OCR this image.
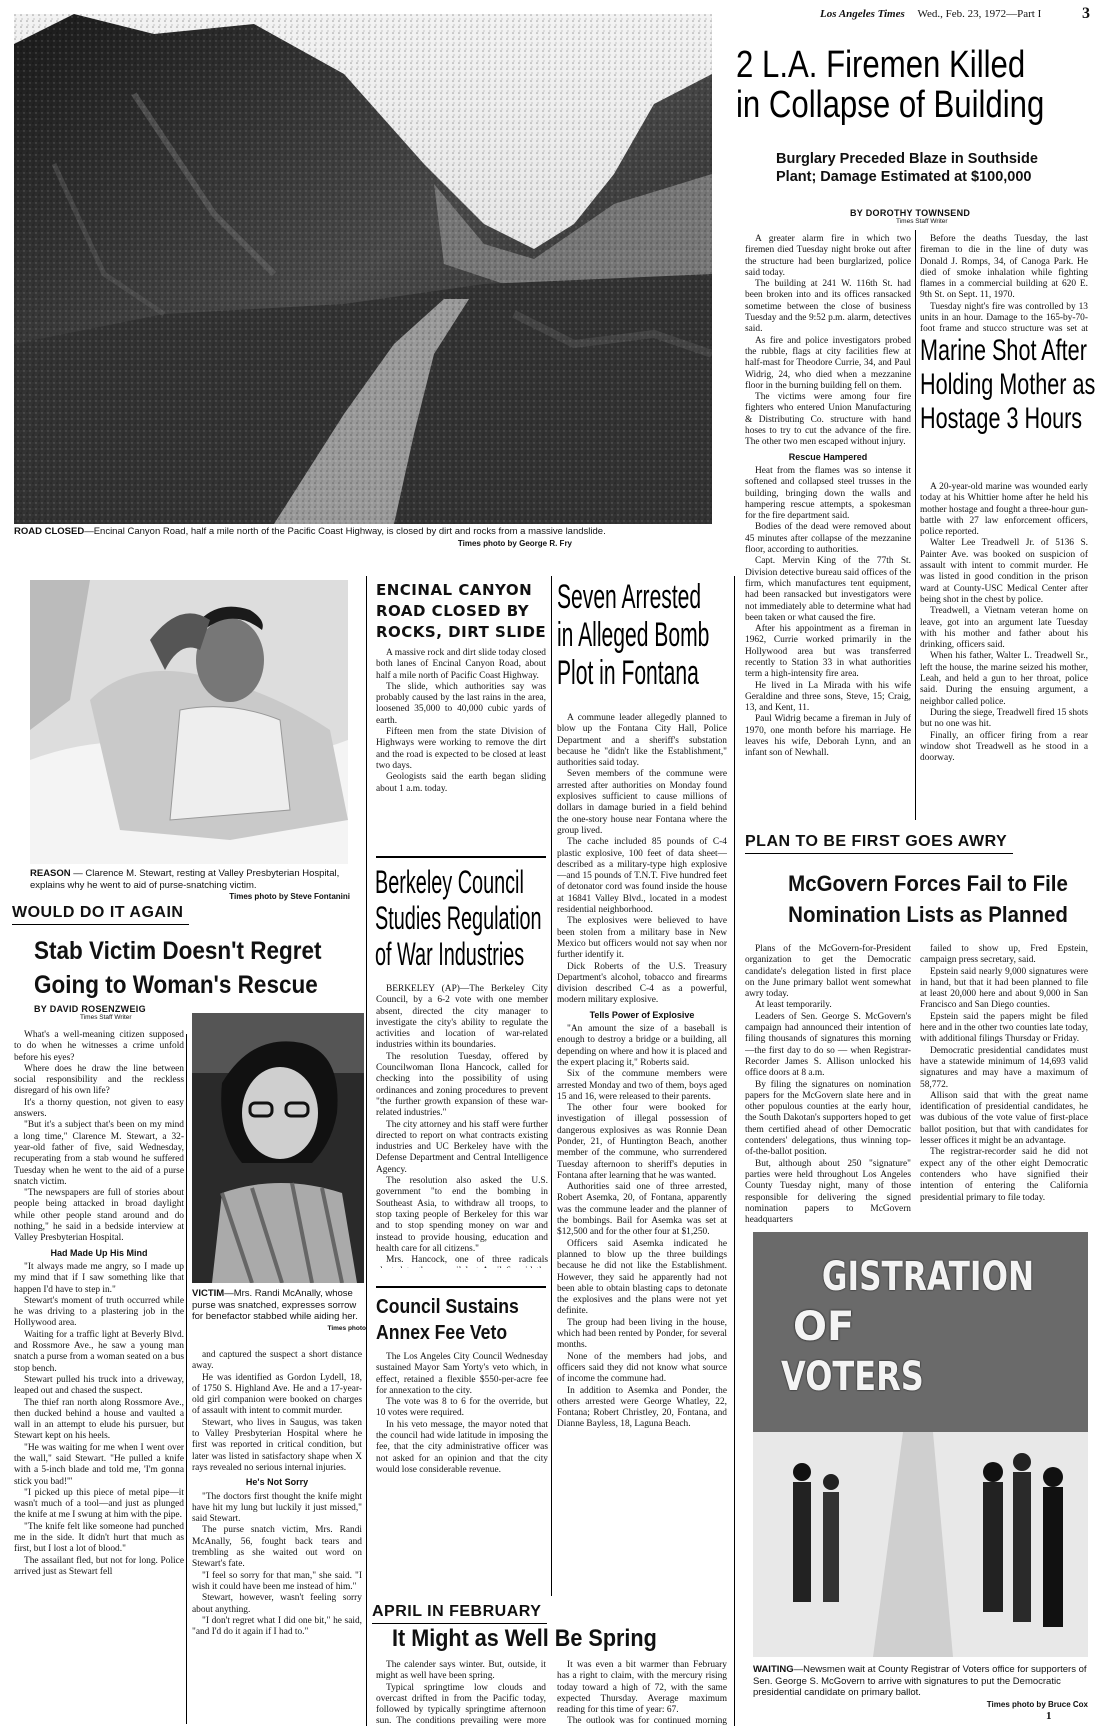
Los Angeles Times Wed., Feb. 23, 1972—Part I	3
ROAD CLOSED—Encinal Canyon Road, half a mile north of the Pacific Coast Highway, is closed by dirt and rocks from a massive landslide.
Times photo by George R. Fry
2 L.A. Firemen Killed
in Collapse of Building
Burglary Preceded Blaze in Southside
Plant; Damage Estimated at $100,000
BY DOROTHY TOWNSEND
Times Staff Writer

A greater alarm fire in which two firemen died Tuesday night broke out after the structure had been burglarized, police said today.

The building at 241 W. 116th St. had been broken into and its offices ransacked sometime between the close of business Tuesday and the 9:52 p.m. alarm, detectives said.

As fire and police investigators probed the rubble, flags at city facilities flew at half-mast for Theodore Currie, 34, and Paul Widrig, 24, who died when a mezzanine floor in the burning building fell on them.

The victims were among four fire fighters who entered Union Manufacturing & Distributing Co. structure with hand hoses to try to cut the advance of the fire. The other two men escaped without injury.

Rescue Hampered

Heat from the flames was so intense it softened and collapsed steel trusses in the building, bringing down the walls and hampering rescue attempts, a spokesman for the fire department said.

Bodies of the dead were removed about 45 minutes after collapse of the mezzanine floor, according to authorities.

Capt. Mervin King of the 77th St. Division detective bureau said offices of the firm, which manufactures tent equipment, had been ransacked but investigators were not immediately able to determine what had been taken or what caused the fire.

After his appointment as a fireman in 1962, Currie worked primarily in the Hollywood area but was transferred recently to Station 33 in what authorities term a high-intensity fire area.

He lived in La Mirada with his wife Geraldine and three sons, Steve, 15; Craig, 13, and Kent, 11.

Paul Widrig became a fireman in July of 1970, one month before his marriage. He leaves his wife, Deborah Lynn, and an infant son of Newhall.

Before the deaths Tuesday, the last fireman to die in the line of duty was Donald J. Romps, 34, of Canoga Park. He died of smoke inhalation while fighting flames in a commercial building at 620 E. 9th St. on Sept. 11, 1970.

Tuesday night's fire was controlled by 13 units in an hour. Damage to the 165-by-70-foot frame and stucco structure was set at

Marine Shot After
Holding Mother as
Hostage 3 Hours

A 20-year-old marine was wounded early today at his Whittier home after he held his mother hostage and fought a three-hour gun-battle with 27 law enforcement officers, police reported.

Walter Lee Treadwell Jr. of 5136 S. Painter Ave. was booked on suspicion of assault with intent to commit murder. He was listed in good condition in the prison ward at County-USC Medical Center after being shot in the chest by police.

Treadwell, a Vietnam veteran home on leave, got into an argument late Tuesday with his mother and father about his drinking, officers said.

When his father, Walter L. Treadwell Sr., left the house, the marine seized his mother, Leah, and held a gun to her throat, police said. During the ensuing argument, a neighbor called police.

During the siege, Treadwell fired 15 shots but no one was hit.

Finally, an officer firing from a rear window shot Treadwell as he stood in a doorway.

REASON — Clarence M. Stewart, resting at Valley Presbyterian Hospital, explains why he went to aid of purse-snatching victim.
Times photo by Steve Fontanini
ENCINAL CANYON
ROAD CLOSED BY
ROCKS, DIRT SLIDE

A massive rock and dirt slide today closed both lanes of Encinal Canyon Road, about half a mile north of Pacific Coast Highway.

The slide, which authorities say was probably caused by the last rains in the area, loosened 35,000 to 40,000 cubic yards of earth.

Fifteen men from the state Division of Highways were working to remove the dirt and the road is expected to be closed at least two days.

Geologists said the earth began sliding about 1 a.m. today.

Seven Arrested
in Alleged Bomb
Plot in Fontana

A commune leader allegedly planned to blow up the Fontana City Hall, Police Department and a sheriff's substation because he "didn't like the Establishment," authorities said today.

Seven members of the commune were arrested after authorities on Monday found explosives sufficient to cause millions of dollars in damage buried in a field behind the one-story house near Fontana where the group lived.

The cache included 85 pounds of C-4 plastic explosive, 100 feet of data sheet—described as a military-type high explosive—and 15 pounds of T.N.T. Five hundred feet of detonator cord was found inside the house at 16841 Valley Blvd., located in a modest residential neighborhood.

The explosives were believed to have been stolen from a military base in New Mexico but officers would not say when nor further identify it.

Dick Roberts of the U.S. Treasury Department's alcohol, tobacco and firearms division described C-4 as a powerful, modern military explosive.

Tells Power of Explosive

"An amount the size of a baseball is enough to destroy a bridge or a building, all depending on where and how it is placed and the expert placing it," Roberts said.

Six of the commune members were arrested Monday and two of them, boys aged 15 and 16, were released to their parents.

The other four were booked for investigation of illegal possession of dangerous explosives as was Ronnie Dean Ponder, 21, of Huntington Beach, another member of the commune, who surrendered Tuesday afternoon to sheriff's deputies in Fontana after learning that he was wanted.

Authorities said one of three arrested, Robert Asemka, 20, of Fontana, apparently was the commune leader and the planner of the bombings. Bail for Asemka was set at $12,500 and for the other four at $1,250.

Officers said Asemka indicated he planned to blow up the three buildings because he did not like the Establishment. However, they said he apparently had not been able to obtain blasting caps to detonate the explosives and the plans were not yet definite.

The group had been living in the house, which had been rented by Ponder, for several months.

None of the members had jobs, and officers said they did not know what source of income the commune had.

In addition to Asemka and Ponder, the others arrested were George Whatley, 22, Fontana; Robert Christley, 20, Fontana, and Dianne Bayless, 18, Laguna Beach.

PLAN TO BE FIRST GOES AWRY
McGovern Forces Fail to File
Nomination Lists as Planned

Plans of the McGovern-for-President organization to get the Democratic candidate's delegation listed in first place on the June primary ballot went somewhat awry today.

At least temporarily.

Leaders of Sen. George S. McGovern's campaign had announced their intention of filing thousands of signatures this morning—the first day to do so — when Registrar-Recorder James S. Allison unlocked his office doors at 8 a.m.

By filing the signatures on nomination papers for the McGovern slate here and in other populous counties at the early hour, the South Dakotan's supporters hoped to get them certified ahead of other Democratic contenders' delegations, thus winning top-of-the-ballot position.

But, although about 250 "signature" parties were held throughout Los Angeles County Tuesday night, many of those responsible for delivering the signed nomination papers to McGovern headquarters

failed to show up, Fred Epstein, campaign press secretary, said.

Epstein said nearly 9,000 signatures were in hand, but that it had been planned to file at least 20,000 here and about 9,000 in San Francisco and San Diego counties.

Epstein said the papers might be filed here and in the other two counties late today, with additional filings Thursday or Friday.

Democratic presidential candidates must have a statewide minimum of 14,693 valid signatures and may have a maximum of 58,772.

Allison said that with the great name identification of presidential candidates, he was dubious of the vote value of first-place ballot position, but that with candidates for lesser offices it might be an advantage.

The registrar-recorder said he did not expect any of the other eight Democratic contenders who have signified their intention of entering the California presidential primary to file today.

WOULD DO IT AGAIN
Stab Victim Doesn't Regret
Going to Woman's Rescue
BY DAVID ROSENZWEIG
Times Staff Writer

What's a well-meaning citizen supposed to do when he witnesses a crime unfold before his eyes?

Where does he draw the line between social responsibility and the reckless disregard of his own life?

It's a thorny question, not given to easy answers.

"But it's a subject that's been on my mind a long time," Clarence M. Stewart, a 32-year-old father of five, said Wednesday, recuperating from a stab wound he suffered Tuesday when he went to the aid of a purse snatch victim.

"The newspapers are full of stories about people being attacked in broad daylight while other people stand around and do nothing," he said in a bedside interview at Valley Presbyterian Hospital.

Had Made Up His Mind

"It always made me angry, so I made up my mind that if I saw something like that happen I'd have to step in."

Stewart's moment of truth occurred while he was driving to a plastering job in the Hollywood area.

Waiting for a traffic light at Beverly Blvd. and Rossmore Ave., he saw a young man snatch a purse from a woman seated on a bus stop bench.

Stewart pulled his truck into a driveway, leaped out and chased the suspect.

The thief ran north along Rossmore Ave., then ducked behind a house and vaulted a wall in an attempt to elude his pursuer, but Stewart kept on his heels.

"He was waiting for me when I went over the wall," said Stewart. "He pulled a knife with a 5-inch blade and told me, 'I'm gonna stick you bad!'"

"I picked up this piece of metal pipe—it wasn't much of a tool—and just as plunged the knife at me I swung at him with the pipe.

"The knife felt like someone had punched me in the side. It didn't hurt that much as first, but I lost a lot of blood."

The assailant fled, but not for long. Police arrived just as Stewart fell

and captured the suspect a short distance away.

He was identified as Gordon Lydell, 18, of 1750 S. Highland Ave. He and a 17-year-old girl companion were booked on charges of assault with intent to commit murder.

Stewart, who lives in Saugus, was taken to Valley Presbyterian Hospital where he first was reported in critical condition, but later was listed in satisfactory shape when X rays revealed no serious internal injuries.

He's Not Sorry

"The doctors first thought the knife might have hit my lung but luckily it just missed," said Stewart.

The purse snatch victim, Mrs. Randi McAnally, 56, fought back tears and trembling as she waited out word on Stewart's fate.

"I feel so sorry for that man," she said. "I wish it could have been me instead of him."

Stewart, however, wasn't feeling sorry about anything.

"I don't regret what I did one bit," he said, "and I'd do it again if I had to."

VICTIM—Mrs. Randi McAnally, whose purse was snatched, expresses sorrow for benefactor stabbed while aiding her.
Times photo
Berkeley Council
Studies Regulation
of War Industries

BERKELEY (AP)—The Berkeley City Council, by a 6-2 vote with one member absent, directed the city manager to investigate the city's ability to regulate the activities and location of war-related industries within its boundaries.

The resolution Tuesday, offered by Councilwoman Ilona Hancock, called for checking into the possibility of using ordinances and zoning procedures to prevent "the further growth expansion of these war-related industries."

The city attorney and his staff were further directed to report on what contracts existing industries and UC Berkeley have with the Defense Department and Central Intelligence Agency.

The resolution also asked the U.S. government "to end the bombing in Southeast Asia, to withdraw all troops, to stop taxing people of Berkeley for this war and to stop spending money on war and instead to provide housing, education and health care for all citizens."

Mrs. Hancock, one of three radicals

Council Sustains
Annex Fee Veto

The Los Angeles City Council Wednesday sustained Mayor Sam Yorty's veto which, in effect, retained a flexible $550-per-acre fee for annexation to the city.

The vote was 8 to 6 for the override, but 10 votes were required.

In his veto message, the mayor noted that the council had wide latitude in imposing the fee, that the city administrative officer was not asked for an opinion and that the city would lose considerable revenue.

APRIL IN FEBRUARY
It Might as Well Be Spring

The calender says winter. But, outside, it might as well have been spring.

Typical springtime low clouds and overcast drifted in from the Pacific today, followed by typically springtime afternoon sun. The conditions prevailing were more

It was even a bit warmer than February has a right to claim, with the mercury rising today toward a high of 72, with the same expected Thursday. Average maximum reading for this time of year: 67.

The outlook was for continued morning

GISTRATION
OF
VOTERS
WAITING—Newsmen wait at County Registrar of Voters office for supporters of Sen. George S. McGovern to arrive with signatures to put the Democratic presidential candidate on primary ballot.
Times photo by Bruce Cox
1
